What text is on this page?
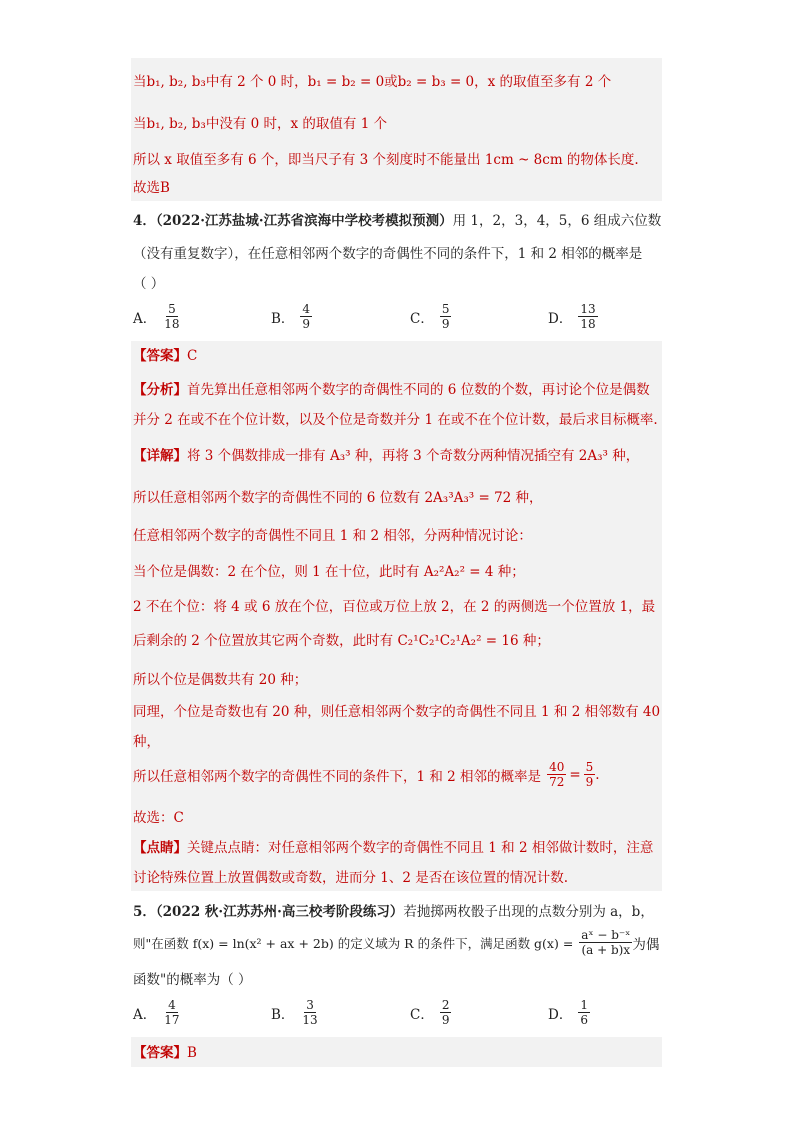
当b₁, b₂, b₃中有 2 个 0 时，b₁ = b₂ = 0或b₂ = b₃ = 0，x 的取值至多有 2 个
当b₁, b₂, b₃中没有 0 时，x 的取值有 1 个
所以 x 取值至多有 6 个，即当尺子有 3 个刻度时不能量出 1cm ~ 8cm 的物体长度.
故选B
4．（2022·江苏盐城·江苏省滨海中学校考模拟预测）用 1，2，3，4，5，6 组成六位数
（没有重复数字），在任意相邻两个数字的奇偶性不同的条件下，1 和 2 相邻的概率是
（ ）
A． $\frac{5}{18}$	B． $\frac{4}{9}$	C． $\frac{5}{9}$	D． $\frac{13}{18}$
【答案】C
【分析】首先算出任意相邻两个数字的奇偶性不同的 6 位数的个数，再讨论个位是偶数
并分 2 在或不在个位计数，以及个位是奇数并分 1 在或不在个位计数，最后求目标概率.
【详解】将 3 个偶数排成一排有 A₃³ 种，再将 3 个奇数分两种情况插空有 2A₃³ 种，
所以任意相邻两个数字的奇偶性不同的 6 位数有 2A₃³A₃³ = 72 种，
任意相邻两个数字的奇偶性不同且 1 和 2 相邻，分两种情况讨论：
当个位是偶数：2 在个位，则 1 在十位，此时有 A₂²A₂² = 4 种；
2 不在个位：将 4 或 6 放在个位，百位或万位上放 2，在 2 的两侧选一个位置放 1，最
后剩余的 2 个位置放其它两个奇数，此时有 C₂¹C₂¹C₂¹A₂² = 16 种；
所以个位是偶数共有 20 种；
同理，个位是奇数也有 20 种，则任意相邻两个数字的奇偶性不同且 1 和 2 相邻数有 40
种，
所以任意相邻两个数字的奇偶性不同的条件下，1 和 2 相邻的概率是 $\frac{40}{72} = \frac{5}{9}$ .
故选：C
【点睛】关键点点睛：对任意相邻两个数字的奇偶性不同且 1 和 2 相邻做计数时，注意
讨论特殊位置上放置偶数或奇数，进而分 1、2 是否在该位置的情况计数.
5．（2022 秋·江苏苏州·高三校考阶段练习）若抛掷两枚骰子出现的点数分别为 a，b，
则"在函数 f(x) = ln(x² + ax + 2b) 的定义域为 R 的条件下，满足函数 $g(x) = \frac{\text{aˣ − b⁻ˣ}}{(a + b)x}$ 为偶
函数"的概率为（ ）
A． $\frac{4}{17}$	B． $\frac{3}{13}$	C． $\frac{2}{9}$	D． $\frac{1}{6}$
【答案】B
